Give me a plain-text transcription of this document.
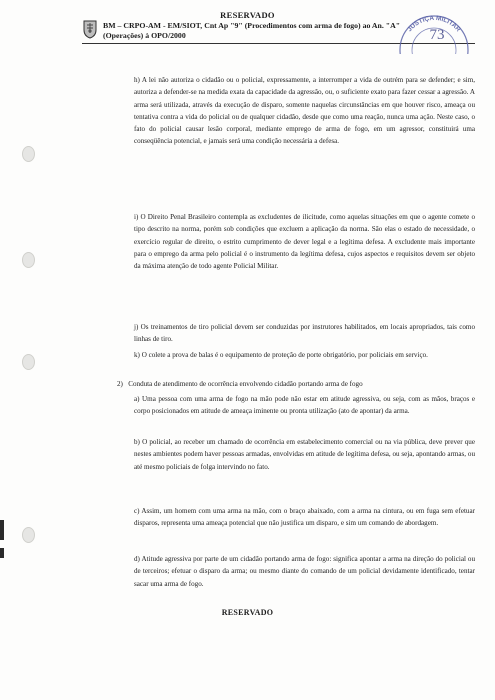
RESERVADO
BM – CRPO-AM - EM/SIOT, Cnt Ap "9" (Procedimentos com arma de fogo) ao An. "A"
(Operações) à OPO/2000
JUSTIÇA MILITAR
73
h) A lei não autoriza o cidadão ou o policial, expressamente, a interromper a vida de outrém para se defender; e sim, autoriza a defender-se na medida exata da capacidade da agressão, ou, o suficiente exato para fazer cessar a agressão. A arma será utilizada, através da execução de disparo, somente naquelas circunstâncias em que houver risco, ameaça ou tentativa contra a vida do policial ou de qualquer cidadão, desde que como uma reação, nunca uma ação. Neste caso, o fato do policial causar lesão corporal, mediante emprego de arma de fogo, em um agressor, constituirá uma conseqüência potencial, e jamais será uma condição necessária a defesa.
i) O Direito Penal Brasileiro contempla as excludentes de ilicitude, como aquelas situações em que o agente comete o tipo descrito na norma, porém sob condições que excluem a aplicação da norma. São elas o estado de necessidade, o exercício regular de direito, o estrito cumprimento de dever legal e a legítima defesa. A excludente mais importante para o emprego da arma pelo policial é o instrumento da legítima defesa, cujos aspectos e requisitos devem ser objeto da máxima atenção de todo agente Policial Militar.
j) Os treinamentos de tiro policial devem ser conduzidas por instrutores habilitados, em locais apropriados, tais como linhas de tiro.
k) O colete a prova de balas é o equipamento de proteção de porte obrigatório, por policiais em serviço.
2) Conduta de atendimento de ocorrência envolvendo cidadão portando arma de fogo
a) Uma pessoa com uma arma de fogo na mão pode não estar em atitude agressiva, ou seja, com as mãos, braços e corpo posicionados em atitude de ameaça iminente ou pronta utilização (ato de apontar) da arma.
b) O policial, ao receber um chamado de ocorrência em estabelecimento comercial ou na via pública, deve prever que nestes ambientes podem haver pessoas armadas, envolvidas em atitude de legítima defesa, ou seja, apontando armas, ou até mesmo policiais de folga intervindo no fato.
c) Assim, um homem com uma arma na mão, com o braço abaixado, com a arma na cintura, ou em fuga sem efetuar disparos, representa uma ameaça potencial que não justifica um disparo, e sim um comando de abordagem.
d) Atitude agressiva por parte de um cidadão portando arma de fogo: significa apontar a arma na direção do policial ou de terceiros; efetuar o disparo da arma; ou mesmo diante do comando de um policial devidamente identificado, tentar sacar uma arma de fogo.
RESERVADO
